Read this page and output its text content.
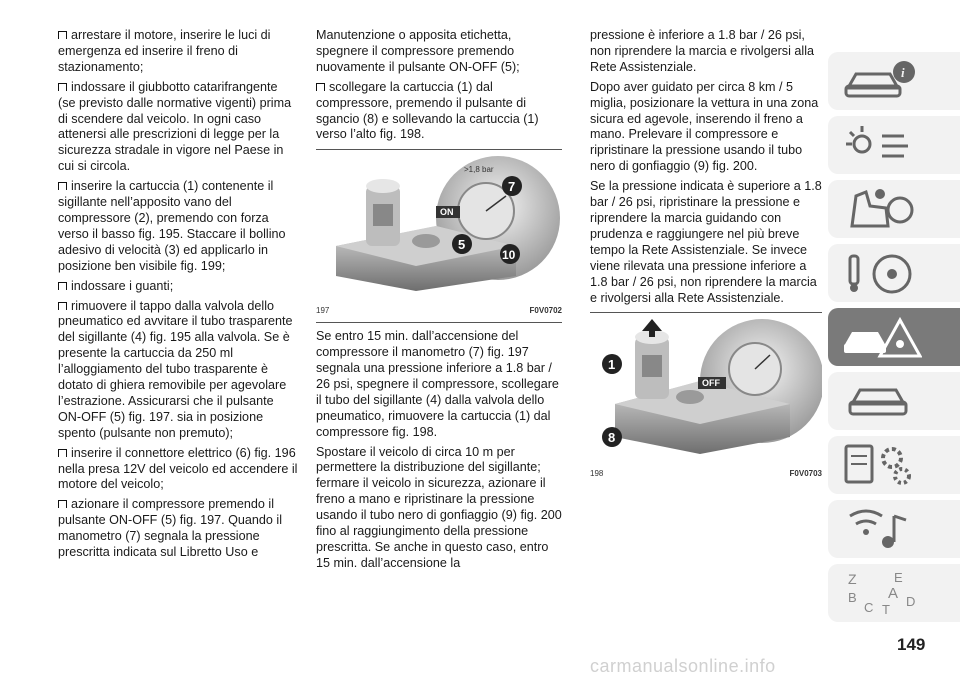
arrestare il motore, inserire le luci di emergenza ed inserire il freno di stazionamento;

indossare il giubbotto catarifrangente (se previsto dalle normative vigenti) prima di scendere dal veicolo. In ogni caso attenersi alle prescrizioni di legge per la sicurezza stradale in vigore nel Paese in cui si circola.

inserire la cartuccia (1) contenente il sigillante nell’apposito vano del compressore (2), premendo con forza verso il basso fig. 195. Staccare il bollino adesivo di velocità (3) ed applicarlo in posizione ben visibile fig. 199;

indossare i guanti;

rimuovere il tappo dalla valvola dello pneumatico ed avvitare il tubo trasparente del sigillante (4) fig. 195 alla valvola. Se è presente la cartuccia da 250 ml l’alloggiamento del tubo trasparente è dotato di ghiera removibile per agevolare l’estrazione. Assicurarsi che il pulsante ON-OFF (5) fig. 197. sia in posizione spento (pulsante non premuto);

inserire il connettore elettrico (6) fig. 196 nella presa 12V del veicolo ed accendere il motore del veicolo;

azionare il compressore premendo il pulsante ON-OFF (5) fig. 197. Quando il manometro (7) segnala la pressione prescritta indicata sul Libretto Uso e

Manutenzione o apposita etichetta, spegnere il compressore premendo nuovamente il pulsante ON-OFF (5);

scollegare la cartuccia (1) dal compressore, premendo il pulsante di sgancio (8) e sollevando la cartuccia (1) verso l’alto fig. 198.

ON
>1,8 bar
7
5
10
197	F0V0702

Se entro 15 min. dall’accensione del compressore il manometro (7) fig. 197 segnala una pressione inferiore a 1.8 bar / 26 psi, spegnere il compressore, scollegare il tubo del sigillante (4) dalla valvola dello pneumatico, rimuovere la cartuccia (1) dal compressore fig. 198.

Spostare il veicolo di circa 10 m per permettere la distribuzione del sigillante; fermare il veicolo in sicurezza, azionare il freno a mano e ripristinare la pressione usando il tubo nero di gonfiaggio (9) fig. 200 fino al raggiungimento della pressione prescritta. Se anche in questo caso, entro 15 min. dall’accensione la

pressione è inferiore a 1.8 bar / 26 psi, non riprendere la marcia e rivolgersi alla Rete Assistenziale.

Dopo aver guidato per circa 8 km / 5 miglia, posizionare la vettura in una zona sicura ed agevole, inserendo il freno a mano. Prelevare il compressore e ripristinare la pressione usando il tubo nero di gonfiaggio (9) fig. 200.

Se la pressione indicata è superiore a 1.8 bar / 26 psi, ripristinare la pressione e riprendere la marcia guidando con prudenza e raggiungere nel più breve tempo la Rete Assistenziale. Se invece viene rilevata una pressione inferiore a 1.8 bar / 26 psi, non riprendere la marcia e rivolgersi alla Rete Assistenziale.

OFF
1
8
198	F0V0703
i
Z	E
B A
C T
D
149
carmanualsonline.info
